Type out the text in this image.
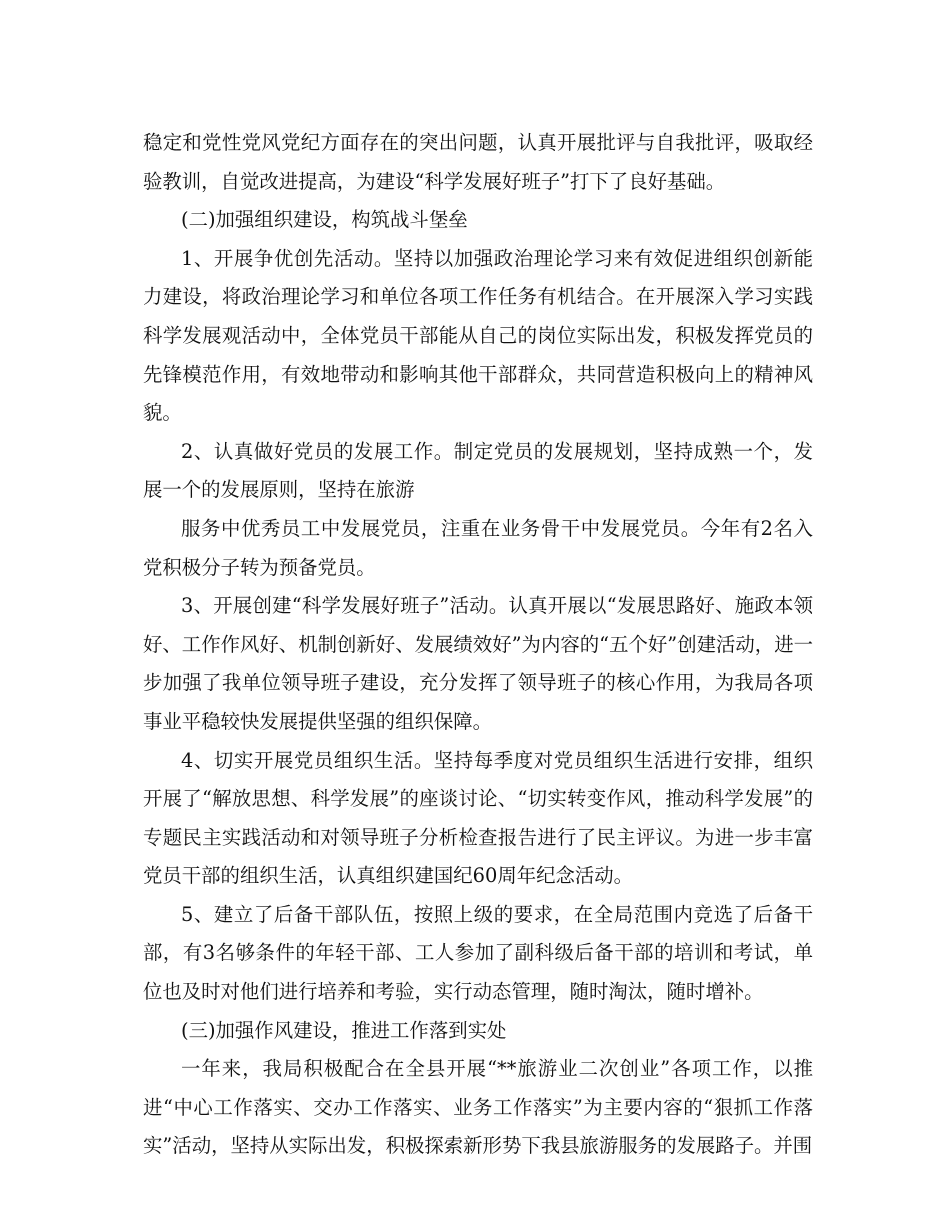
稳定和党性党风党纪方面存在的突出问题，认真开展批评与自我批评，吸取经验教训，自觉改进提高，为建设“科学发展好班子”打下了良好基础。

(二)加强组织建设，构筑战斗堡垒

1、开展争优创先活动。坚持以加强政治理论学习来有效促进组织创新能力建设，将政治理论学习和单位各项工作任务有机结合。在开展深入学习实践科学发展观活动中，全体党员干部能从自己的岗位实际出发，积极发挥党员的先锋模范作用，有效地带动和影响其他干部群众，共同营造积极向上的精神风貌。

2、认真做好党员的发展工作。制定党员的发展规划，坚持成熟一个，发展一个的发展原则，坚持在旅游

服务中优秀员工中发展党员，注重在业务骨干中发展党员。今年有2名入党积极分子转为预备党员。

3、开展创建“科学发展好班子”活动。认真开展以“发展思路好、施政本领好、工作作风好、机制创新好、发展绩效好”为内容的“五个好”创建活动，进一步加强了我单位领导班子建设，充分发挥了领导班子的核心作用，为我局各项事业平稳较快发展提供坚强的组织保障。

4、切实开展党员组织生活。坚持每季度对党员组织生活进行安排，组织开展了“解放思想、科学发展”的座谈讨论、“切实转变作风，推动科学发展”的专题民主实践活动和对领导班子分析检查报告进行了民主评议。为进一步丰富党员干部的组织生活，认真组织建国纪60周年纪念活动。

5、建立了后备干部队伍，按照上级的要求，在全局范围内竞选了后备干部，有3名够条件的年轻干部、工人参加了副科级后备干部的培训和考试，单位也及时对他们进行培养和考验，实行动态管理，随时淘汰，随时增补。

(三)加强作风建设，推进工作落到实处

一年来，我局积极配合在全县开展“**旅游业二次创业”各项工作，以推进“中心工作落实、交办工作落实、业务工作落实”为主要内容的“狠抓工作落实”活动，坚持从实际出发，积极探索新形势下我县旅游服务的发展路子。并围
